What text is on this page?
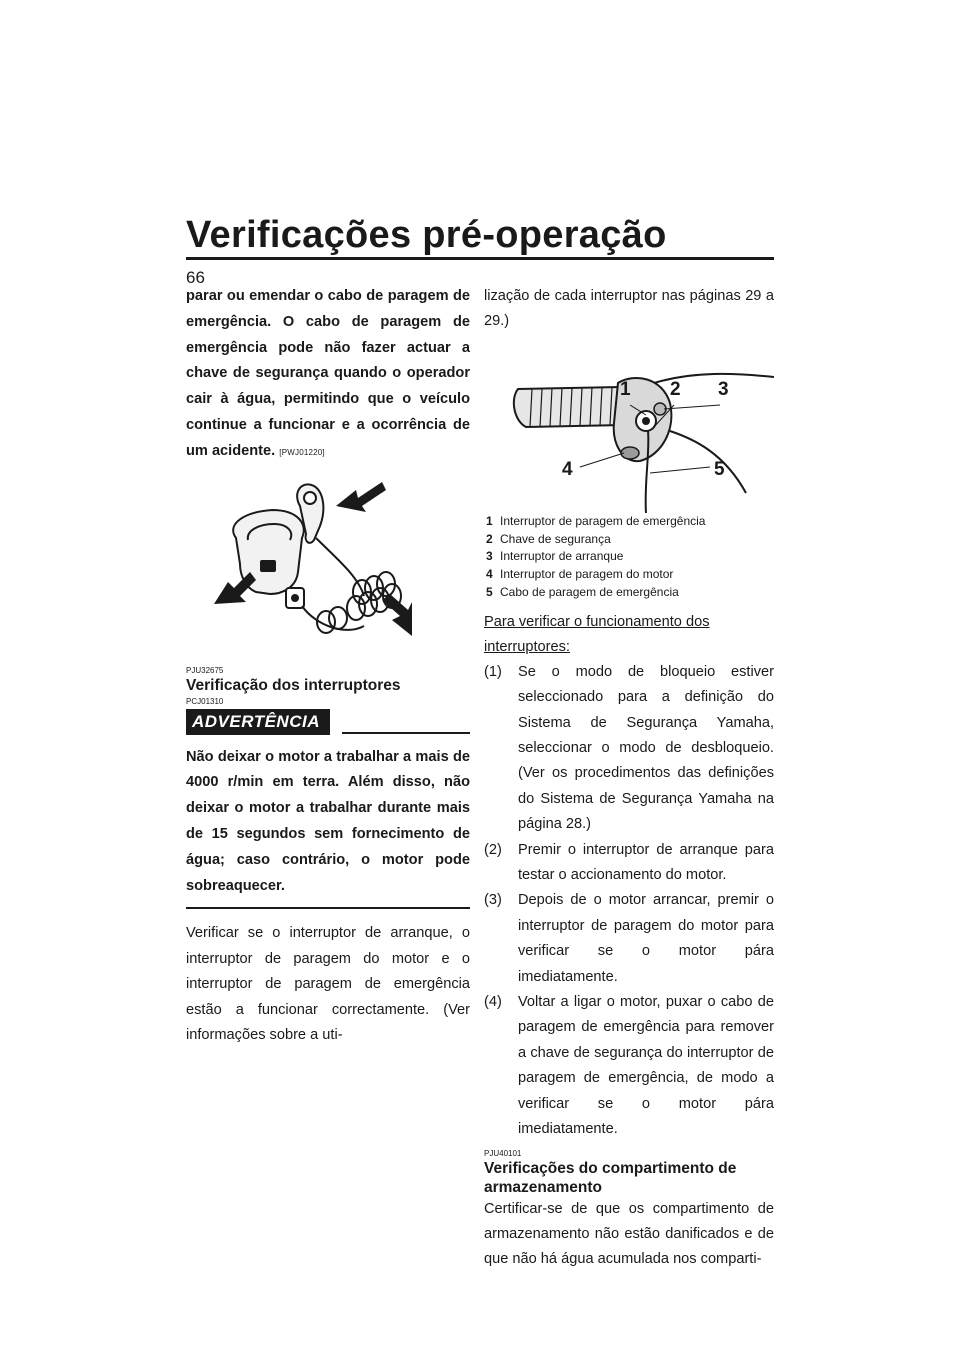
Verificações pré-operação
66

parar ou emendar o cabo de paragem de emergência. O cabo de paragem de emergência pode não fazer actuar a chave de segurança quando o operador cair à água, permitindo que o veículo continue a funcionar e a ocorrência de um acidente. [PWJ01220]

PJU32675

Verificação dos interruptores

PCJ01310

ADVERTÊNCIA

Não deixar o motor a trabalhar a mais de 4000 r/min em terra. Além disso, não deixar o motor a trabalhar durante mais de 15 segundos sem fornecimento de água; caso contrário, o motor pode sobreaquecer.

Verificar se o interruptor de arranque, o interruptor de paragem do motor e o interruptor de paragem de emergência estão a funcionar correctamente. (Ver informações sobre a uti-

lização de cada interruptor nas páginas 29 a 29.)

1 2 3
4	5
1 Interruptor de paragem de emergência
2 Chave de segurança
3 Interruptor de arranque
4 Interruptor de paragem do motor
5 Cabo de paragem de emergência

Para verificar o funcionamento dos interruptores:

(1)	Se o modo de bloqueio estiver seleccionado para a definição do Sistema de Segurança Yamaha, seleccionar o modo de desbloqueio. (Ver os procedimentos das definições do Sistema de Segurança Yamaha na página 28.)
(2)	Premir o interruptor de arranque para testar o accionamento do motor.
(3)	Depois de o motor arrancar, premir o interruptor de paragem do motor para verificar se o motor pára imediatamente.
(4)	Voltar a ligar o motor, puxar o cabo de paragem de emergência para remover a chave de segurança do interruptor de paragem de emergência, de modo a verificar se o motor pára imediatamente.

PJU40101

Verificações do compartimento de armazenamento

Certificar-se de que os compartimento de armazenamento não estão danificados e de que não há água acumulada nos comparti-
